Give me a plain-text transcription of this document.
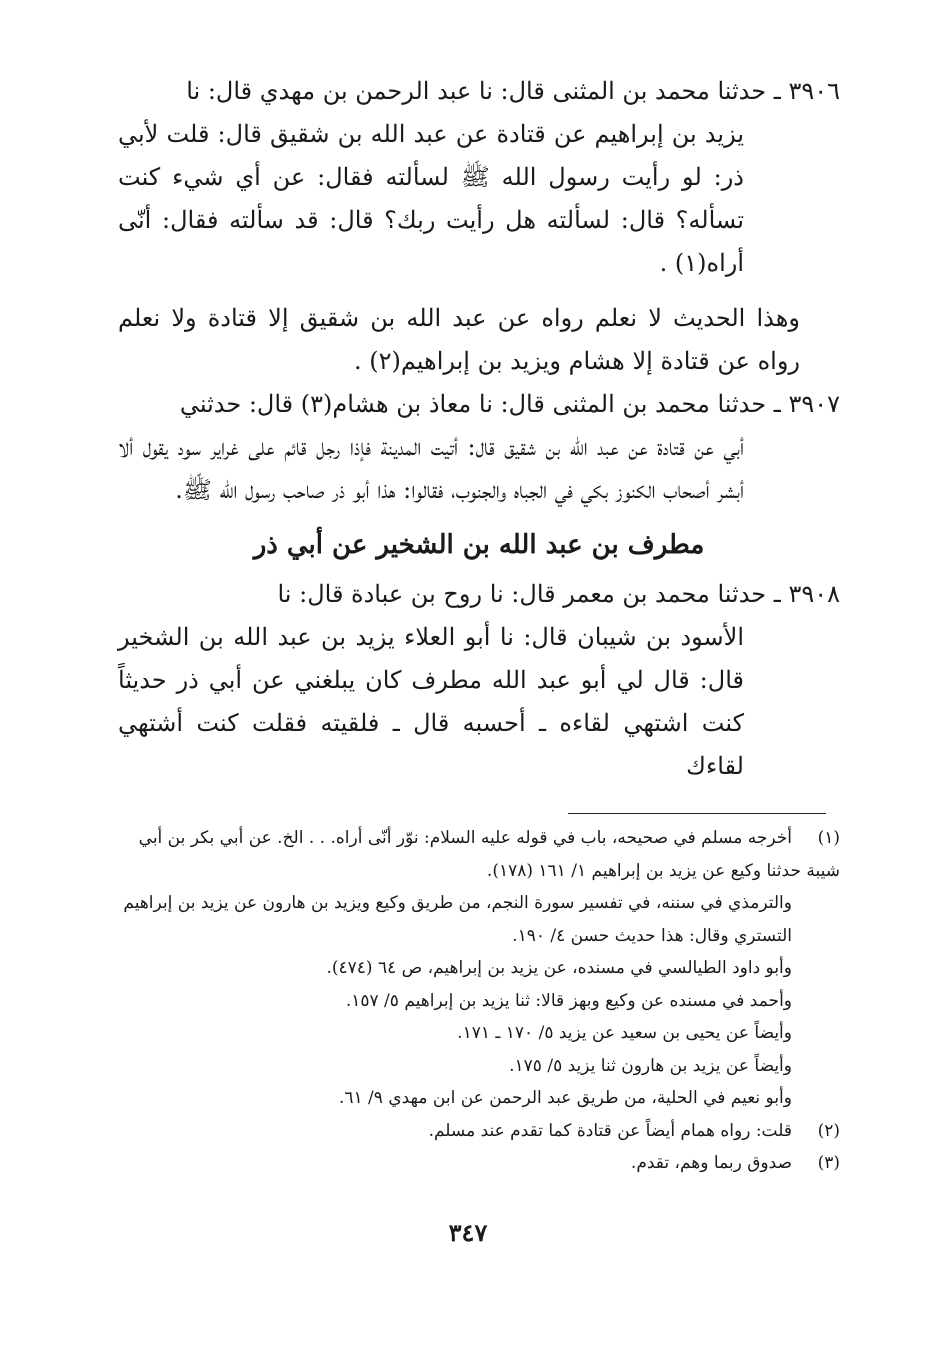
٣٩٠٦ ـ حدثنا محمد بن المثنى قال: نا عبد الرحمن بن مهدي قال: نا
يزيد بن إبراهيم عن قتادة عن عبد الله بن شقيق قال: قلت لأبي ذر: لو رأيت رسول الله ﷺ لسألته فقال: عن أي شيء كنت تسأله؟ قال: لسألته هل رأيت ربك؟ قال: قد سألته فقال: أنّى أراه(١) .

وهذا الحديث لا نعلم رواه عن عبد الله بن شقيق إلا قتادة ولا نعلم رواه عن قتادة إلا هشام ويزيد بن إبراهيم(٢) .

٣٩٠٧ ـ حدثنا محمد بن المثنى قال: نا معاذ بن هشام(٣) قال: حدثني
أبي عن قتادة عن عبد الله بن شقيق قال: أتيت المدينة فإذا رجل قائم على غراير سود يقول ألا أبشر أصحاب الكنوز بكي في الجباه والجنوب، فقالوا: هذا أبو ذر صاحب رسول الله ﷺ.

مطرف بن عبد الله بن الشخير عن أبي ذر

٣٩٠٨ ـ حدثنا محمد بن معمر قال: نا روح بن عبادة قال: نا
الأسود بن شيبان قال: نا أبو العلاء يزيد بن عبد الله بن الشخير قال: قال لي أبو عبد الله مطرف كان يبلغني عن أبي ذر حديثاً كنت اشتهي لقاءه ـ أحسبه قال ـ فلقيته فقلت كنت أشتهي لقاءك

(١)أخرجه مسلم في صحيحه، باب في قوله عليه السلام: نوّر أنّى أراه. . . الخ. عن أبي بكر بن أبي شيبة حدثنا وكيع عن يزيد بن إبراهيم ١/ ١٦١ (١٧٨).

والترمذي في سننه، في تفسير سورة النجم، من طريق وكيع ويزيد بن هارون عن يزيد بن إبراهيم التستري وقال: هذا حديث حسن ٤/ ١٩٠.

وأبو داود الطيالسي في مسنده، عن يزيد بن إبراهيم، ص ٦٤ (٤٧٤).

وأحمد في مسنده عن وكيع وبهز قالا: ثنا يزيد بن إبراهيم ٥/ ١٥٧.

وأيضاً عن يحيى بن سعيد عن يزيد ٥/ ١٧٠ ـ ١٧١.

وأيضاً عن يزيد بن هارون ثنا يزيد ٥/ ١٧٥.

وأبو نعيم في الحلية، من طريق عبد الرحمن عن ابن مهدي ٩/ ٦١.

(٢)قلت: رواه همام أيضاً عن قتادة كما تقدم عند مسلم.

(٣)صدوق ربما وهم، تقدم.

٣٤٧
